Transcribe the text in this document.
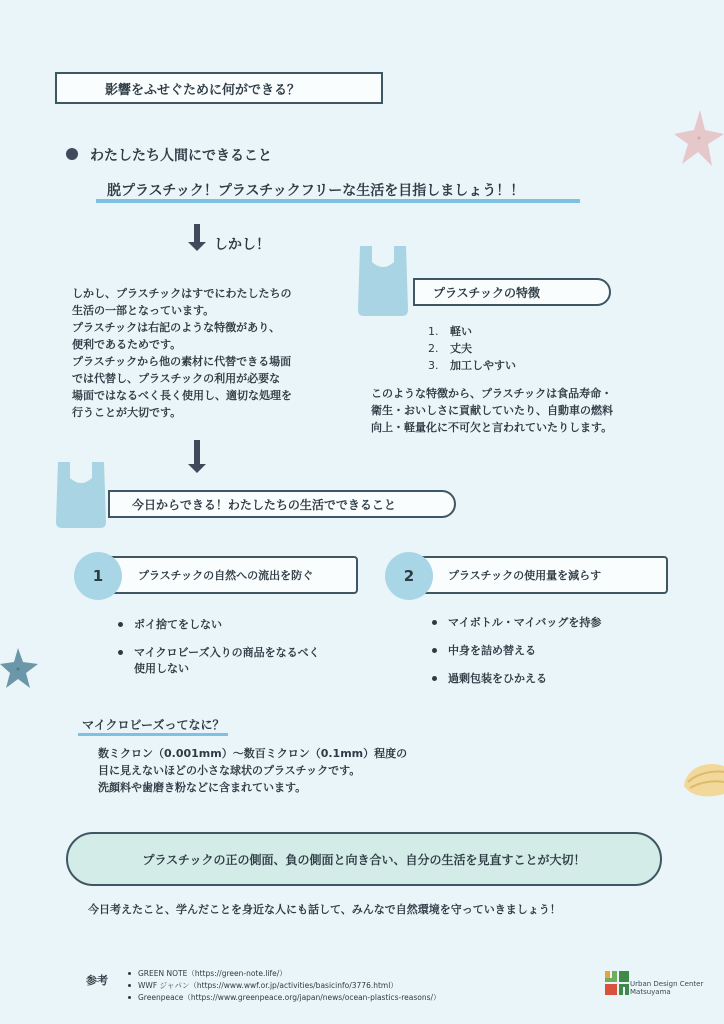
影響をふせぐために何ができる？
わたしたち人間にできること
脱プラスチック！プラスチックフリーな生活を目指しましょう！！
しかし！
しかし、プラスチックはすでにわたしたちの
生活の一部となっています。
プラスチックは右記のような特徴があり、
便利であるためです。
プラスチックから他の素材に代替できる場面
では代替し、プラスチックの利用が必要な
場面ではなるべく長く使用し、適切な処理を
行うことが大切です。
プラスチックの特徴
1. 軽い
2. 丈夫
3. 加工しやすい
このような特徴から、プラスチックは食品寿命・
衛生・おいしさに貢献していたり、自動車の燃料
向上・軽量化に不可欠と言われていたりします。
今日からできる！わたしたちの生活でできること
プラスチックの自然への流出を防ぐ
1
ポイ捨てをしない
マイクロビーズ入りの商品をなるべく
使用しない
プラスチックの使用量を減らす
2
マイボトル・マイバッグを持参
中身を詰め替える
過剰包装をひかえる
マイクロビーズってなに？
数ミクロン（0.001mm）～数百ミクロン（0.1mm）程度の
目に見えないほどの小さな球状のプラスチックです。
洗顔料や歯磨き粉などに含まれています。
プラスチックの正の側面、負の側面と向き合い、自分の生活を見直すことが大切！
今日考えたこと、学んだことを身近な人にも話して、みんなで自然環境を守っていきましょう！
参考
GREEN NOTE（https://green-note.life/）
WWF ジャパン（https://www.wwf.or.jp/activities/basicinfo/3776.html）
Greenpeace（https://www.greenpeace.org/japan/news/ocean-plastics-reasons/）
Urban Design Center
Matsuyama
